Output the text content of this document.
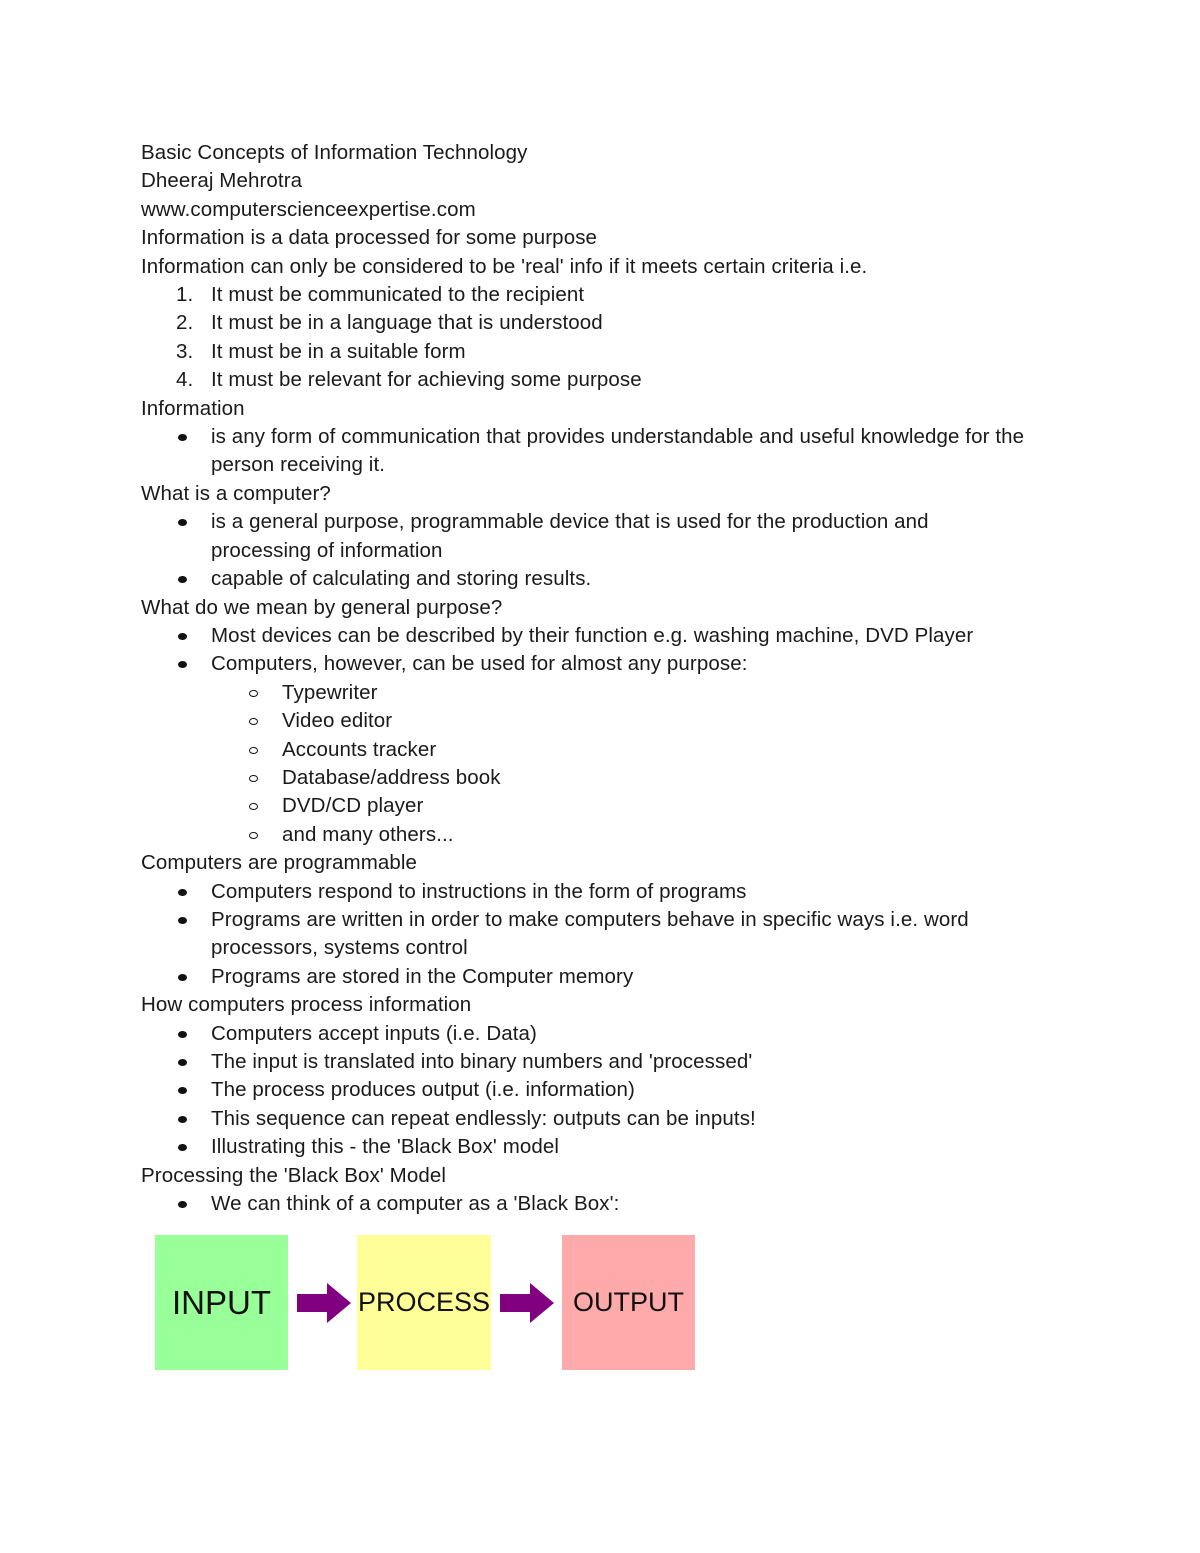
Basic Concepts of Information Technology
Dheeraj Mehrotra
www.computerscienceexpertise.com
Information is a data processed for some purpose
Information can only be considered to be 'real' info if it meets certain criteria i.e.
1. It must be communicated to the recipient
2. It must be in a language that is understood
3. It must be in a suitable form
4. It must be relevant for achieving some purpose
Information
is any form of communication that provides understandable and useful knowledge for the person receiving it.
What is a computer?
is a general purpose, programmable device that is used for the production and processing of information
capable of calculating and storing results.
What do we mean by general purpose?
Most devices can be described by their function e.g. washing machine, DVD Player
Computers, however, can be used for almost any purpose:
Typewriter
Video editor
Accounts tracker
Database/address book
DVD/CD player
and many others...
Computers are programmable
Computers respond to instructions in the form of programs
Programs are written in order to make computers behave in specific ways i.e. word processors, systems control
Programs are stored in the Computer memory
How computers process information
Computers accept inputs (i.e. Data)
The input is translated into binary numbers and 'processed'
The process produces output (i.e. information)
This sequence can repeat endlessly: outputs can be inputs!
Illustrating this - the 'Black Box' model
Processing the 'Black Box' Model
We can think of a computer as a 'Black Box':
INPUT	PROCESS	OUTPUT
